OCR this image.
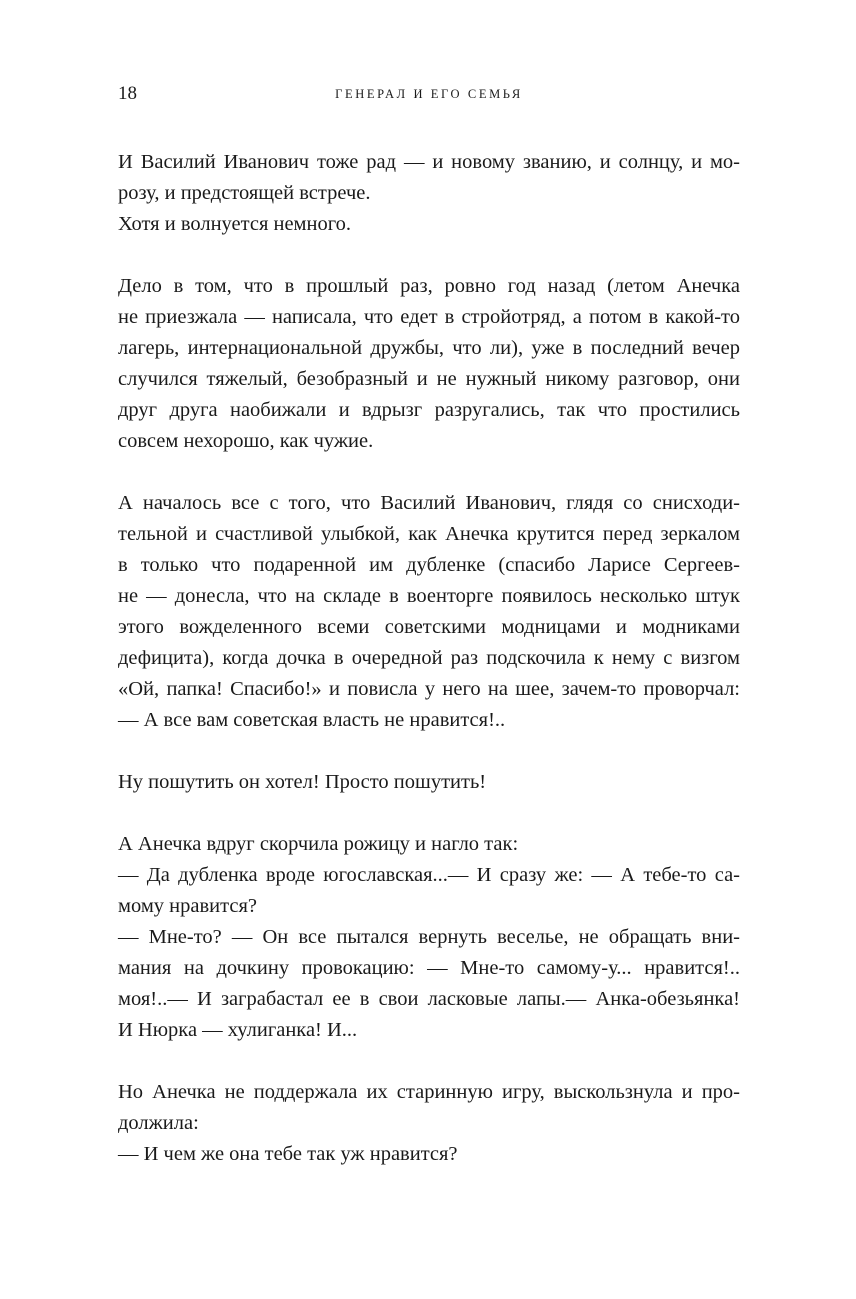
18	ГЕНЕРАЛ И ЕГО СЕМЬЯ
И Василий Иванович тоже рад — и новому званию, и солнцу, и мо-
розу, и предстоящей встрече.
Хотя и волнуется немного.
Дело в том, что в прошлый раз, ровно год назад (летом Анечка
не приезжала — написала, что едет в стройотряд, а потом в какой-то
лагерь, интернациональной дружбы, что ли), уже в последний вечер
случился тяжелый, безобразный и не нужный никому разговор, они
друг друга наобижали и вдрызг разругались, так что простились
совсем нехорошо, как чужие.
А началось все с того, что Василий Иванович, глядя со снисходи-
тельной и счастливой улыбкой, как Анечка крутится перед зеркалом
в только что подаренной им дубленке (спасибо Ларисе Сергеев-
не — донесла, что на складе в военторге появилось несколько штук
этого вожделенного всеми советскими модницами и модниками
дефицита), когда дочка в очередной раз подскочила к нему с визгом
«Ой, папка! Спасибо!» и повисла у него на шее, зачем-то проворчал:
— А все вам советская власть не нравится!..
Ну пошутить он хотел! Просто пошутить!
А Анечка вдруг скорчила рожицу и нагло так:
— Да дубленка вроде югославская...— И сразу же: — А тебе-то са-
мому нравится?
— Мне-то? — Он все пытался вернуть веселье, не обращать вни-
мания на дочкину провокацию: — Мне-то самому-у... нравится!..
моя!..— И заграбастал ее в свои ласковые лапы.— Анка-обезьянка!
И Нюрка — хулиганка! И...
Но Анечка не поддержала их старинную игру, выскользнула и про-
должила:
— И чем же она тебе так уж нравится?
